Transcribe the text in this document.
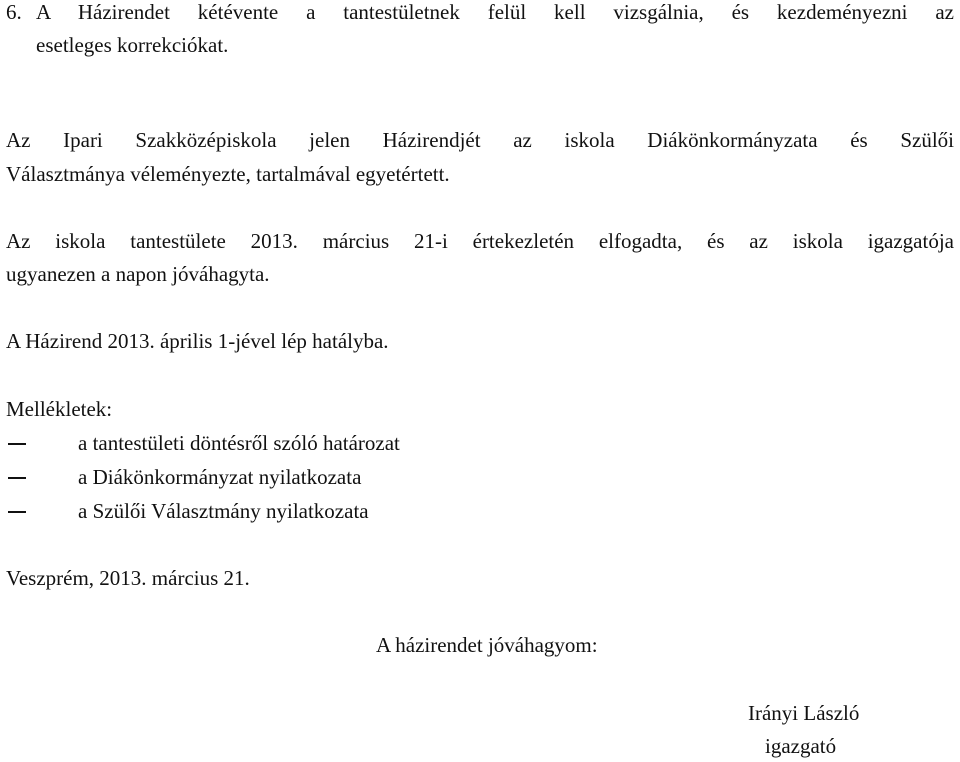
6. A Házirendet kétévente a tantestületnek felül kell vizsgálnia, és kezdeményezni az
esetleges korrekciókat.
Az Ipari Szakközépiskola jelen Házirendjét az iskola Diákönkormányzata és Szülői
Választmánya véleményezte, tartalmával egyetértett.
Az iskola tantestülete 2013. március 21-i értekezletén elfogadta, és az iskola igazgatója
ugyanezen a napon jóváhagyta.
A Házirend 2013. április 1-jével lép hatályba.
Mellékletek:
a tantestületi döntésről szóló határozat
a Diákönkormányzat nyilatkozata
a Szülői Választmány nyilatkozata
Veszprém, 2013. március 21.
A házirendet jóváhagyom:
Irányi László
igazgató
